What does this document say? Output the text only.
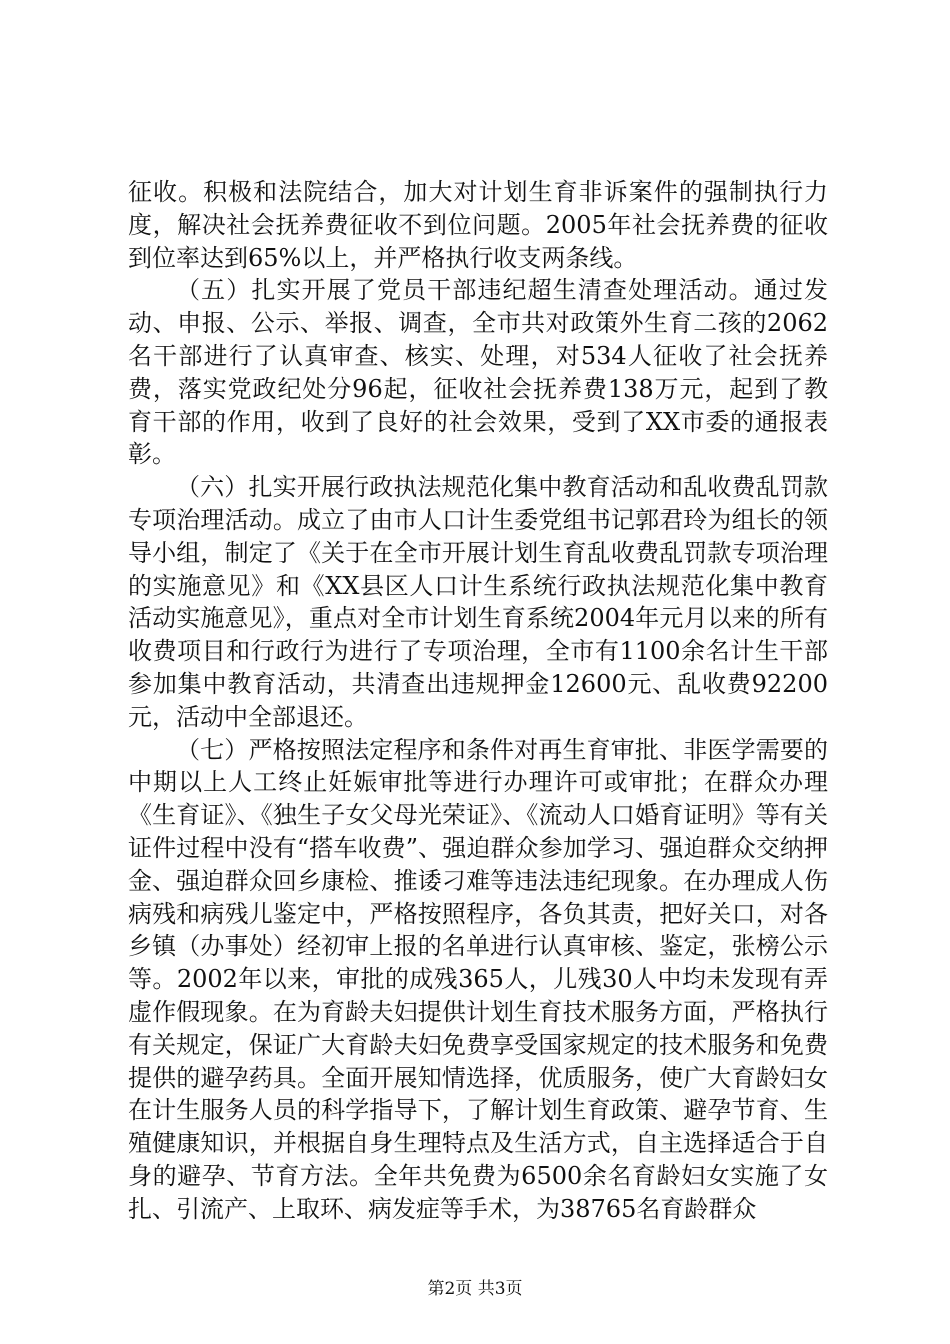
征收。积极和法院结合，加大对计划生育非诉案件的强制执行力度，解决社会抚养费征收不到位问题。2005年社会抚养费的征收到位率达到65%以上，并严格执行收支两条线。

（五）扎实开展了党员干部违纪超生清查处理活动。通过发动、申报、公示、举报、调查，全市共对政策外生育二孩的2062名干部进行了认真审查、核实、处理，对534人征收了社会抚养费，落实党政纪处分96起，征收社会抚养费138万元，起到了教育干部的作用，收到了良好的社会效果，受到了XX市委的通报表彰。

（六）扎实开展行政执法规范化集中教育活动和乱收费乱罚款专项治理活动。成立了由市人口计生委党组书记郭君玲为组长的领导小组，制定了《关于在全市开展计划生育乱收费乱罚款专项治理的实施意见》和《XX县区人口计生系统行政执法规范化集中教育活动实施意见》，重点对全市计划生育系统2004年元月以来的所有收费项目和行政行为进行了专项治理，全市有1100余名计生干部参加集中教育活动，共清查出违规押金12600元、乱收费92200元，活动中全部退还。

（七）严格按照法定程序和条件对再生育审批、非医学需要的中期以上人工终止妊娠审批等进行办理许可或审批；在群众办理《生育证》、《独生子女父母光荣证》、《流动人口婚育证明》等有关证件过程中没有“搭车收费”、强迫群众参加学习、强迫群众交纳押金、强迫群众回乡康检、推诿刁难等违法违纪现象。在办理成人伤病残和病残儿鉴定中，严格按照程序，各负其责，把好关口，对各乡镇（办事处）经初审上报的名单进行认真审核、鉴定，张榜公示等。2002年以来，审批的成残365人，儿残30人中均未发现有弄虚作假现象。在为育龄夫妇提供计划生育技术服务方面，严格执行有关规定，保证广大育龄夫妇免费享受国家规定的技术服务和免费提供的避孕药具。全面开展知情选择，优质服务，使广大育龄妇女在计生服务人员的科学指导下，了解计划生育政策、避孕节育、生殖健康知识，并根据自身生理特点及生活方式，自主选择适合于自身的避孕、节育方法。全年共免费为6500余名育龄妇女实施了女扎、引流产、上取环、病发症等手术，为38765名育龄群众

第2页 共3页
